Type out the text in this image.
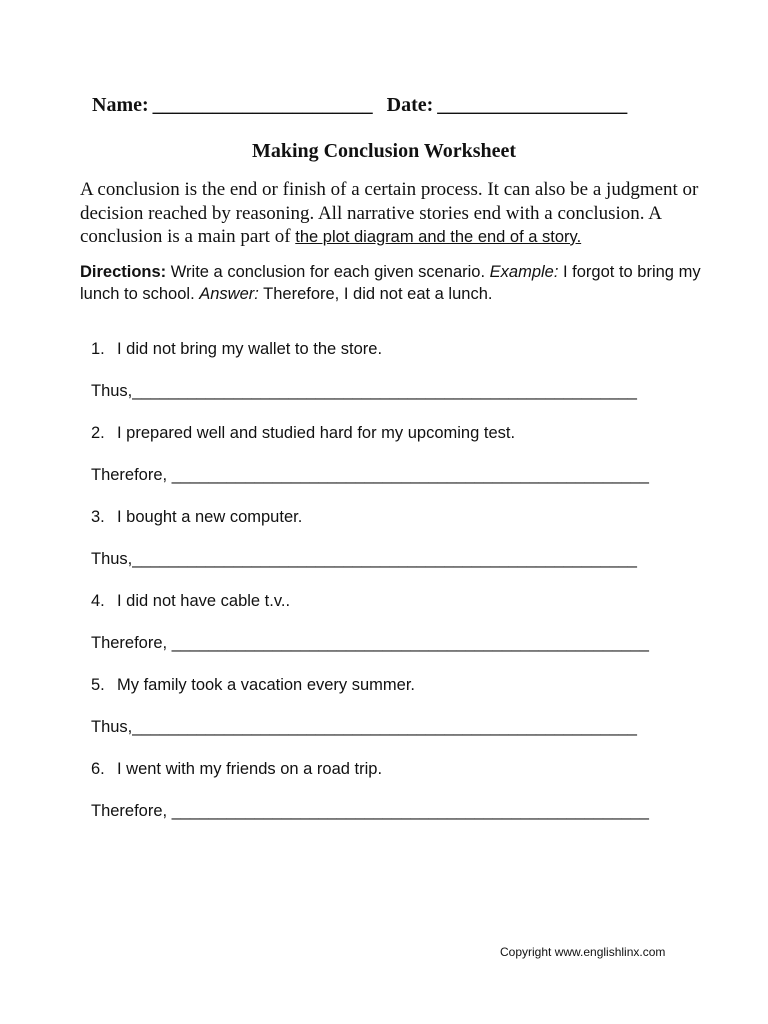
Name: ______________________ Date: ___________________
Making Conclusion Worksheet
A conclusion is the end or finish of a certain process. It can also be a judgment or decision reached by reasoning. All narrative stories end with a conclusion. A conclusion is a main part of the plot diagram and the end of a story.
Directions: Write a conclusion for each given scenario. Example: I forgot to bring my lunch to school. Answer: Therefore, I did not eat a lunch.
1. I did not bring my wallet to the store.
Thus,_______________________________________________________
2. I prepared well and studied hard for my upcoming test.
Therefore, ____________________________________________________
3. I bought a new computer.
Thus,_______________________________________________________
4. I did not have cable t.v..
Therefore, ____________________________________________________
5. My family took a vacation every summer.
Thus,_______________________________________________________
6. I went with my friends on a road trip.
Therefore, ____________________________________________________
Copyright www.englishlinx.com
